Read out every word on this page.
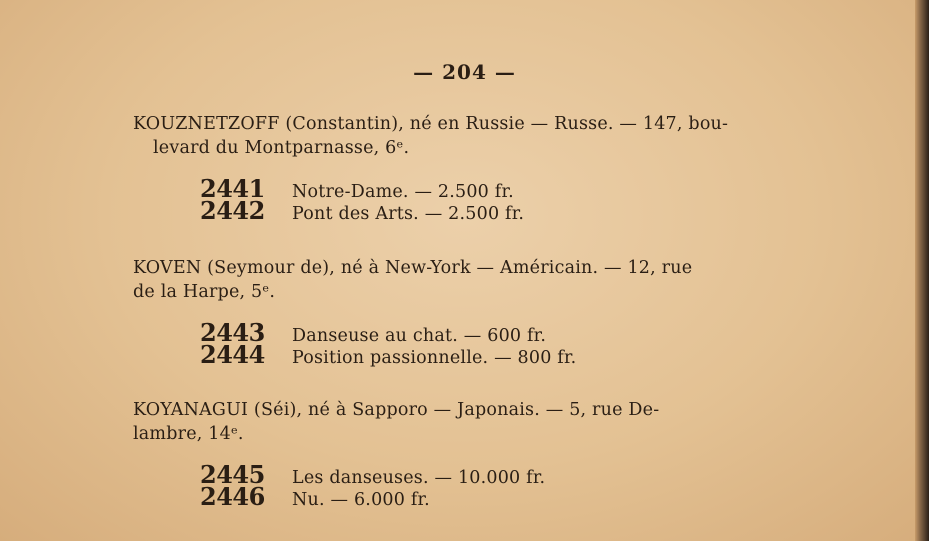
— 204 —
KOUZNETZOFF (Constantin), né en Russie — Russe. — 147, bou-
levard du Montparnasse, 6ᵉ.
2441	Notre-Dame. — 2.500 fr.
2442	Pont des Arts. — 2.500 fr.
KOVEN (Seymour de), né à New-York — Américain. — 12, rue
de la Harpe, 5ᵉ.
2443	Danseuse au chat. — 600 fr.
2444	Position passionnelle. — 800 fr.
KOYANAGUI (Séi), né à Sapporo — Japonais. — 5, rue De-
lambre, 14ᵉ.
2445	Les danseuses. — 10.000 fr.
2446	Nu. — 6.000 fr.
